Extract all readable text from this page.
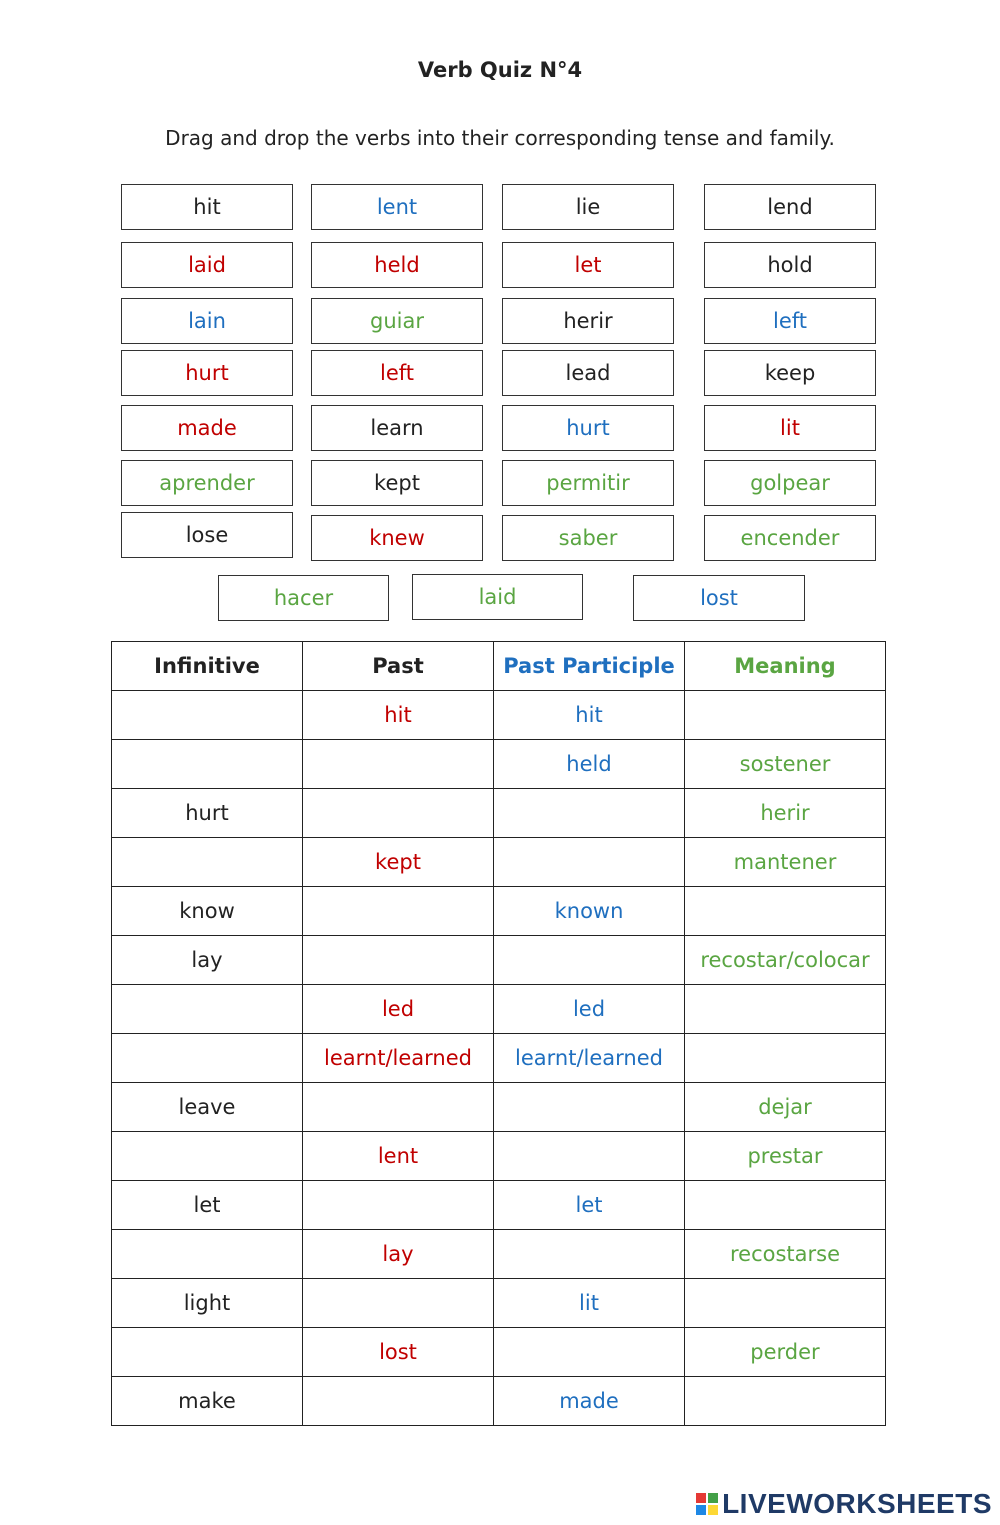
Verb Quiz N°4
Drag and drop the verbs into their corresponding tense and family.
hit	lent	lie	lend
laid	held	let	hold
lain	guiar	herir	left
hurt	left	lead	keep
made	learn	hurt	lit
aprender	kept	permitir	golpear
lose	knew	saber	encender
hacer	laid	lost
Infinitive	Past	Past Participle	Meaning
	hit	hit	
		held	sostener
hurt			herir
	kept		mantener
know		known	
lay			recostar/colocar
	led	led	
	learnt/learned	learnt/learned	
leave			dejar
	lent		prestar
let		let	
	lay		recostarse
light		lit	
	lost		perder
make		made	
LIVEWORKSHEETS
